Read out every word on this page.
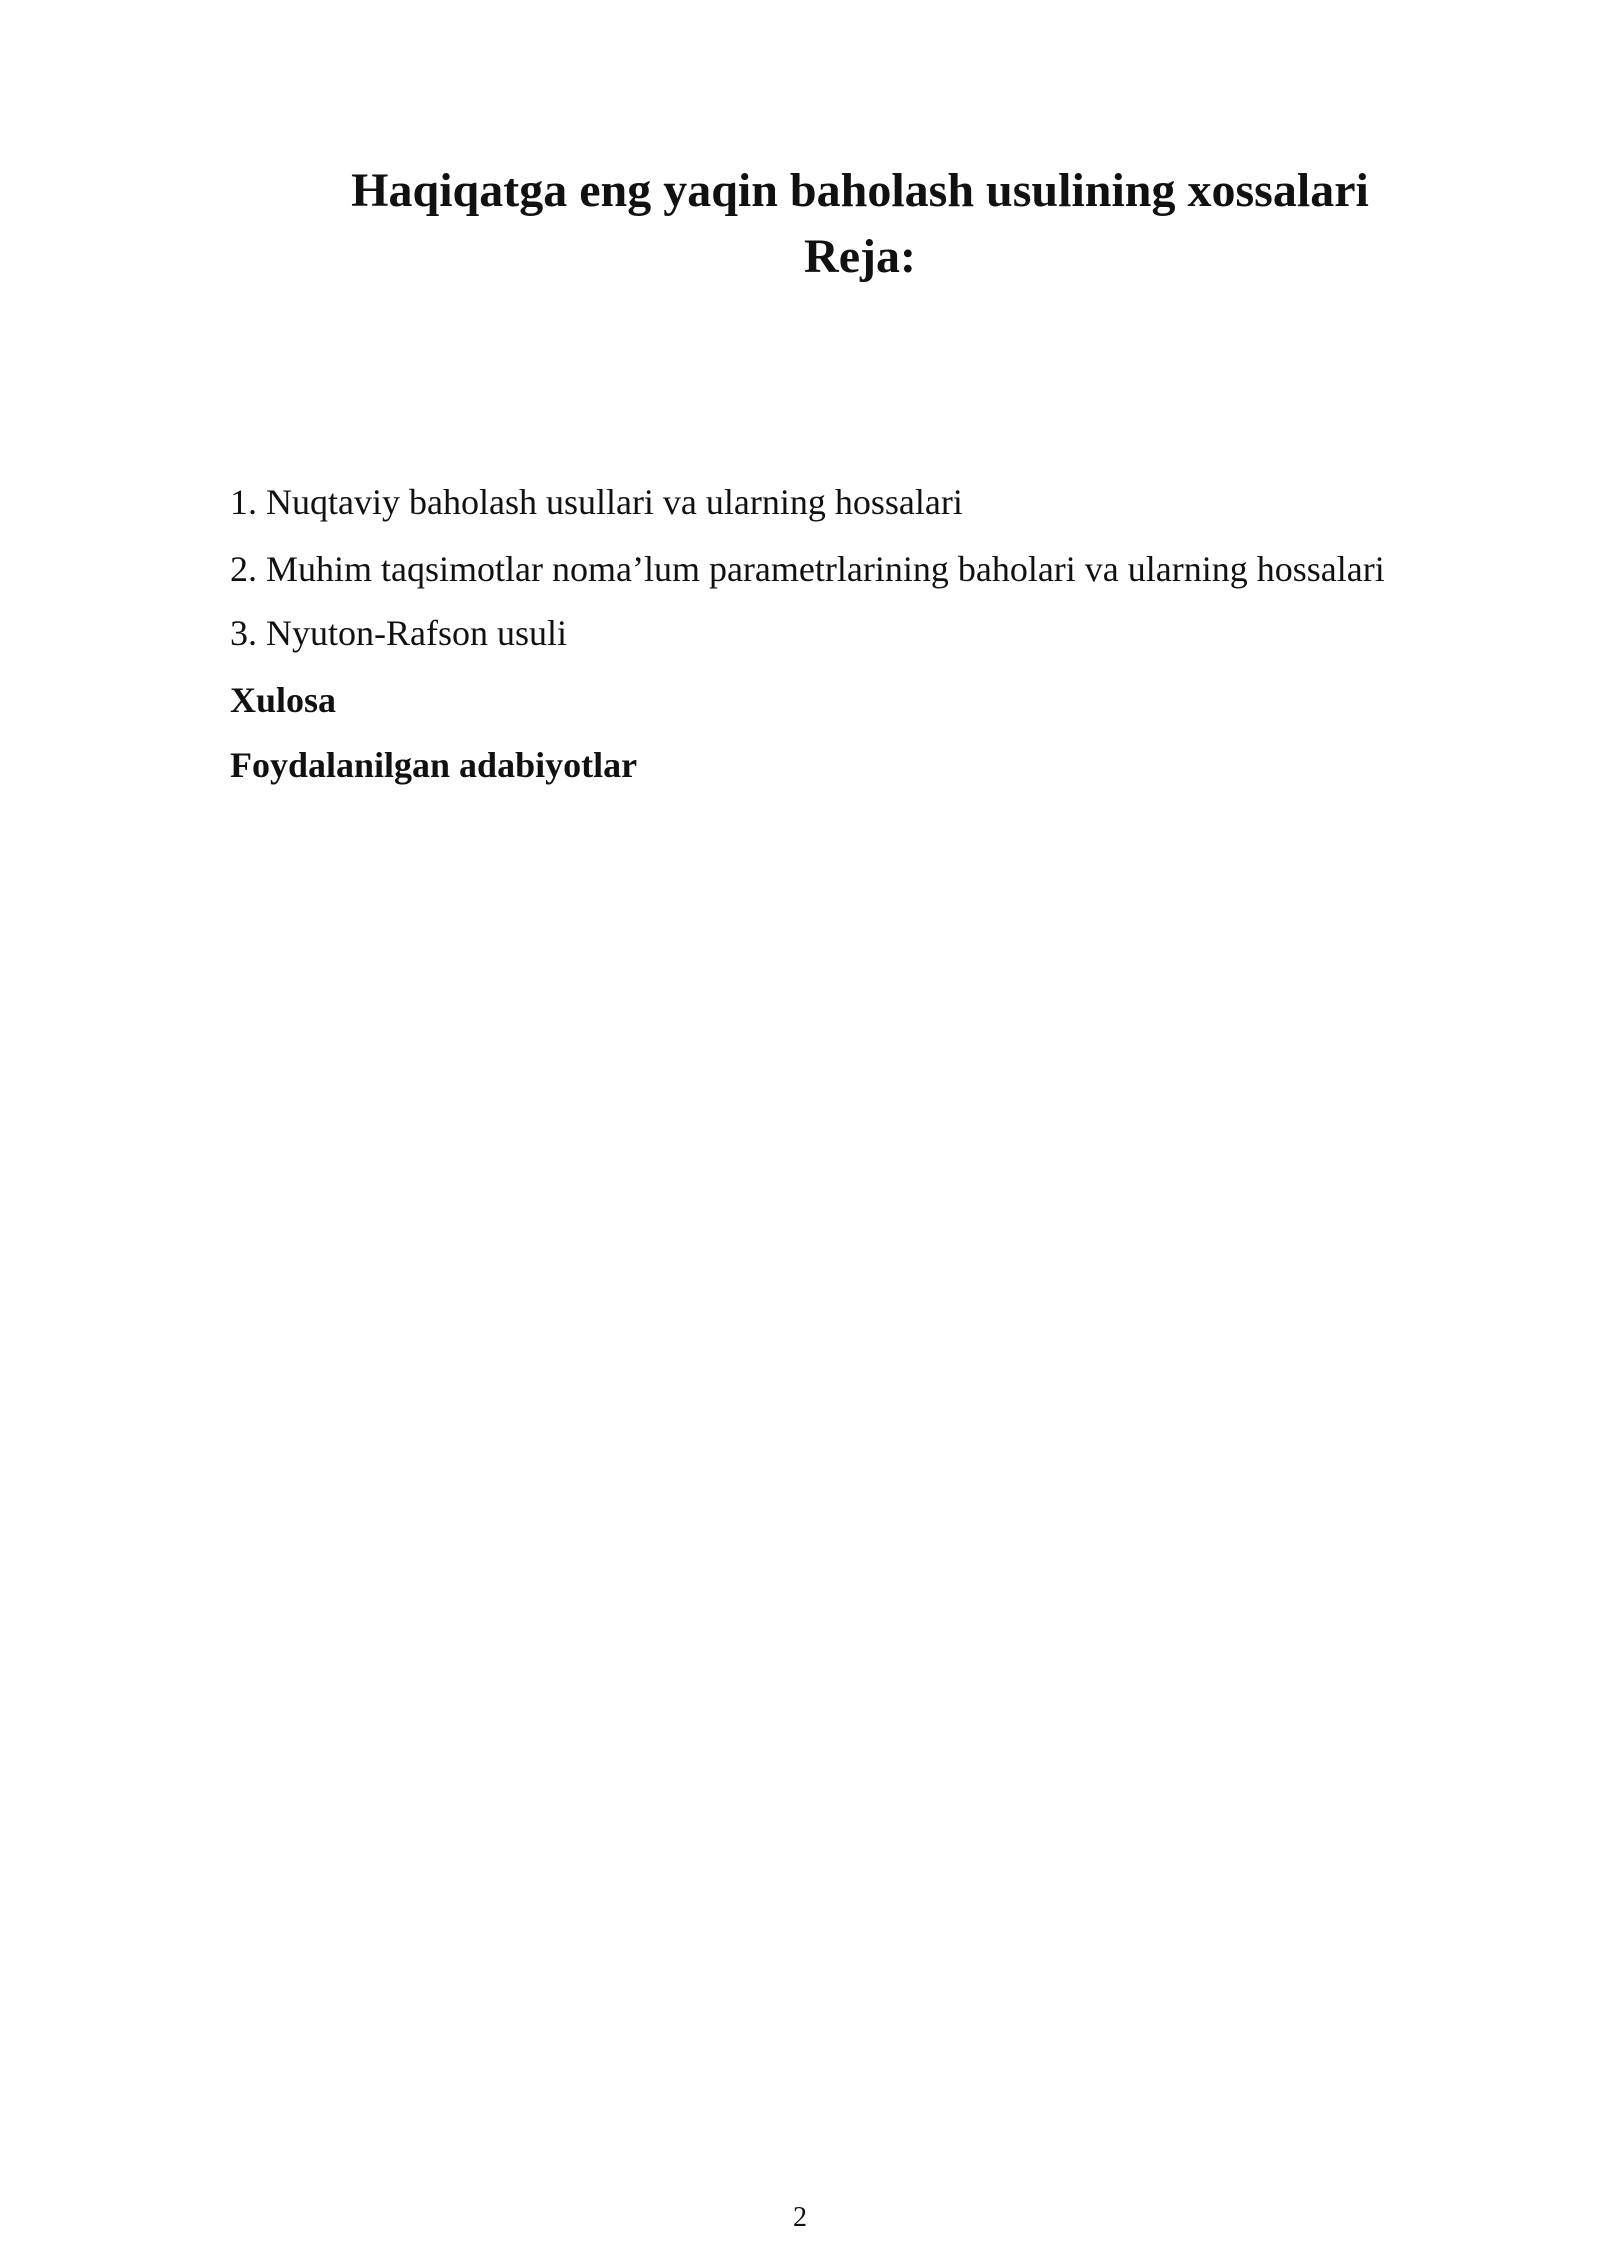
Haqiqatga eng yaqin baholash usulining xossalari
Reja:
1. Nuqtaviy baholash usullari va ularning hossalari
2. Muhim taqsimotlar noma’lum parametrlarining baholari va ularning hossalari
3. Nyuton-Rafson usuli
Xulosa
Foydalanilgan adabiyotlar
2
